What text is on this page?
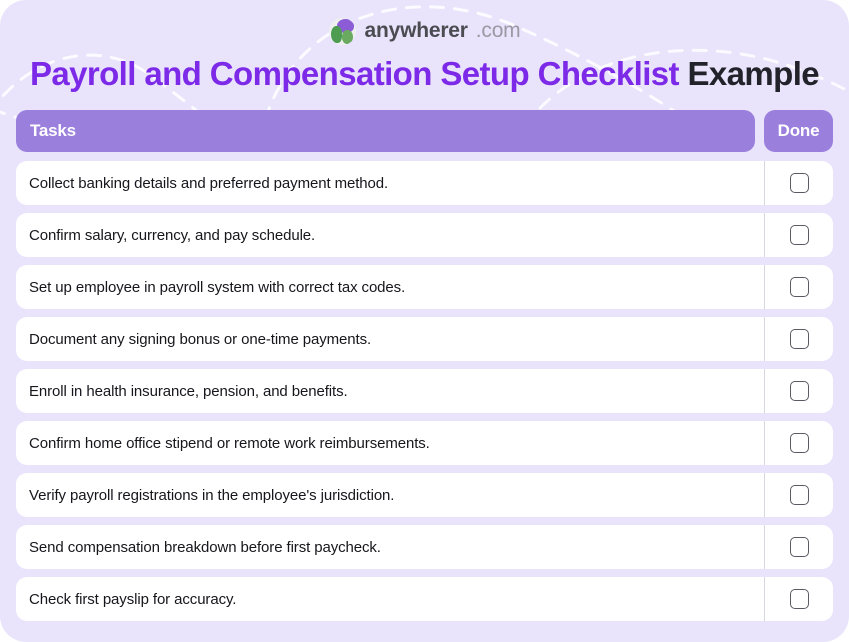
anywherer .com
Payroll and Compensation Setup Checklist Example
Tasks	Done
Collect banking details and preferred payment method.
Confirm salary, currency, and pay schedule.
Set up employee in payroll system with correct tax codes.
Document any signing bonus or one-time payments.
Enroll in health insurance, pension, and benefits.
Confirm home office stipend or remote work reimbursements.
Verify payroll registrations in the employee's jurisdiction.
Send compensation breakdown before first paycheck.
Check first payslip for accuracy.
